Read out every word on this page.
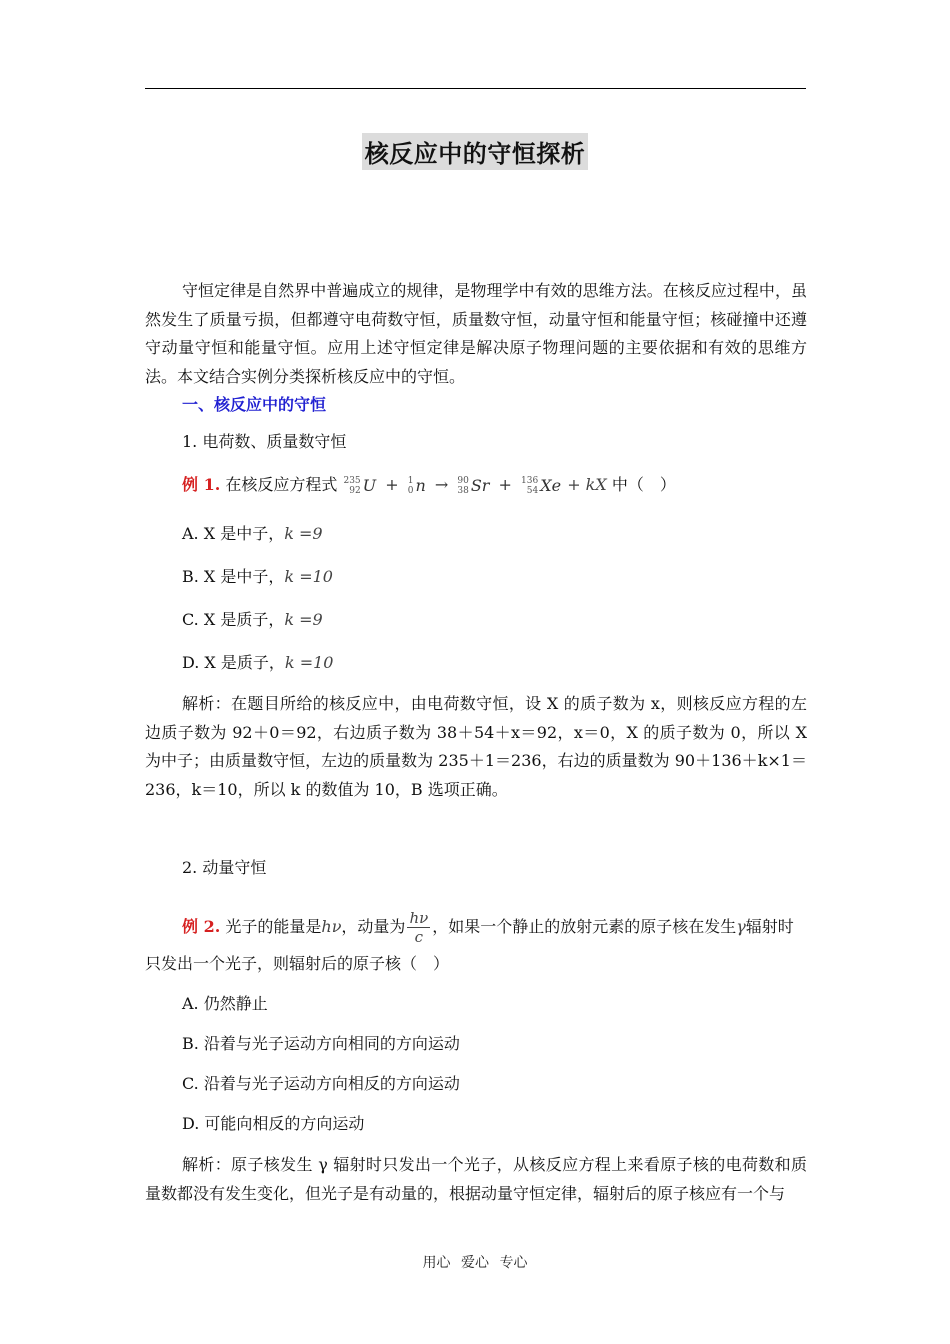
核反应中的守恒探析

守恒定律是自然界中普遍成立的规律，是物理学中有效的思维方法。在核反应过程中，虽然发生了质量亏损，但都遵守电荷数守恒，质量数守恒，动量守恒和能量守恒；核碰撞中还遵守动量守恒和能量守恒。应用上述守恒定律是解决原子物理问题的主要依据和有效的思维方法。本文结合实例分类探析核反应中的守恒。

一、核反应中的守恒
1. 电荷数、质量数守恒
例 1. 在核反应方程式 235
92 U + 1
0 n → 90
38 Sr + 136
54 Xe + kX 中（　）
A. X 是中子，k =9
B. X 是中子，k =10
C. X 是质子，k =9
D. X 是质子，k =10

解析：在题目所给的核反应中，由电荷数守恒，设 X 的质子数为 x，则核反应方程的左边质子数为 92＋0＝92，右边质子数为 38＋54＋x＝92，x＝0，X 的质子数为 0，所以 X 为中子；由质量数守恒，左边的质量数为 235＋1＝236，右边的质量数为 90＋136＋k×1＝236，k＝10，所以 k 的数值为 10，B 选项正确。

2. 动量守恒
例 2. 光子的能量是hν，动量为 $\frac{h\nu}{c}$ ，如果一个静止的放射元素的原子核在发生γ辐射时
只发出一个光子，则辐射后的原子核（　）
A. 仍然静止
B. 沿着与光子运动方向相同的方向运动
C. 沿着与光子运动方向相反的方向运动
D. 可能向相反的方向运动

解析：原子核发生 γ 辐射时只发出一个光子，从核反应方程上来看原子核的电荷数和质量数都没有发生变化，但光子是有动量的，根据动量守恒定律，辐射后的原子核应有一个与

用心 爱心 专心
